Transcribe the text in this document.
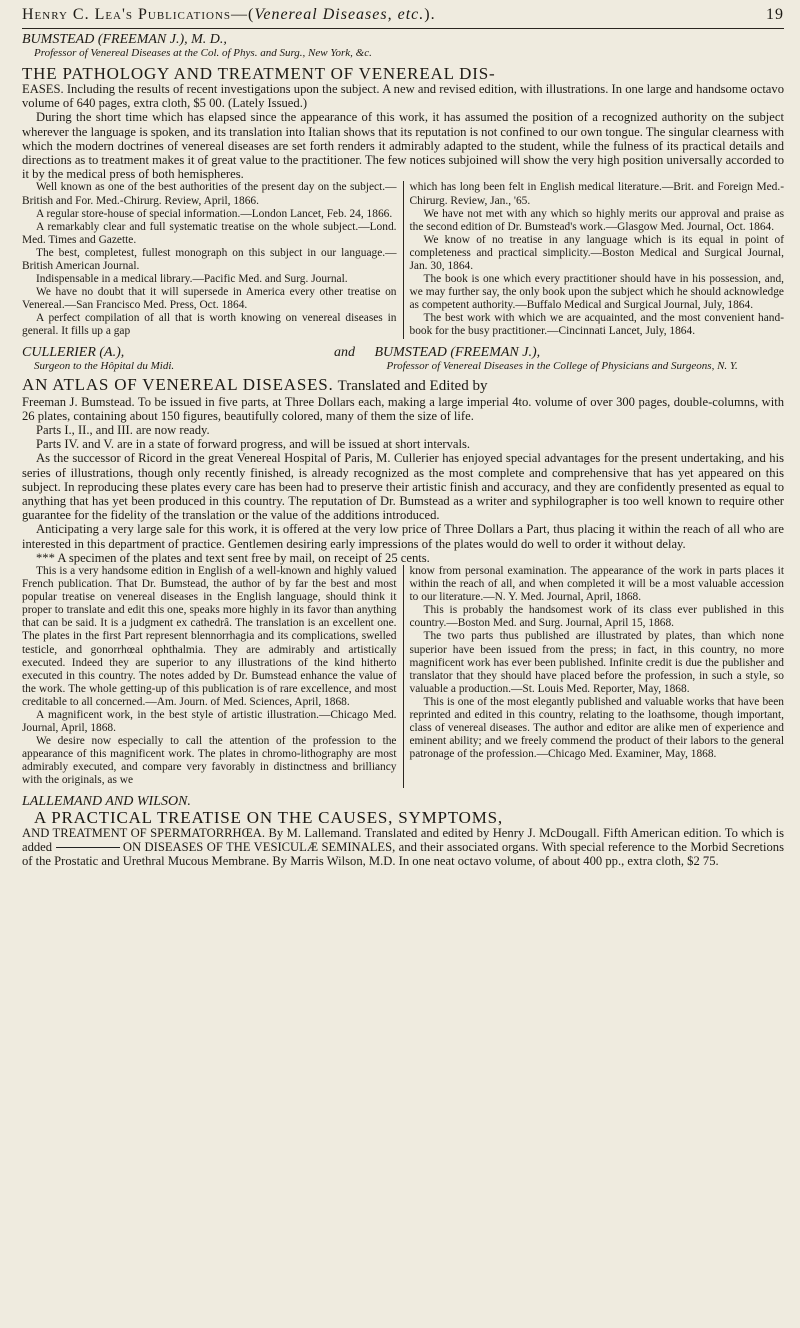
Henry C. Lea's Publications—(Venereal Diseases, etc.).	19

BUMSTEAD (FREEMAN J.), M. D.,

Professor of Venereal Diseases at the Col. of Phys. and Surg., New York, &c.

THE PATHOLOGY AND TREATMENT OF VENEREAL DIS-

EASES. Including the results of recent investigations upon the subject. A new and revised edition, with illustrations. In one large and handsome octavo volume of 640 pages, extra cloth, $5 00. (Lately Issued.)

During the short time which has elapsed since the appearance of this work, it has assumed the position of a recognized authority on the subject wherever the language is spoken, and its translation into Italian shows that its reputation is not confined to our own tongue. The singular clearness with which the modern doctrines of venereal diseases are set forth renders it admirably adapted to the student, while the fulness of its practical details and directions as to treatment makes it of great value to the practitioner. The few notices subjoined will show the very high position universally accorded to it by the medical press of both hemispheres.

Well known as one of the best authorities of the present day on the subject.—British and For. Med.-Chirurg. Review, April, 1866.

A regular store-house of special information.—London Lancet, Feb. 24, 1866.

A remarkably clear and full systematic treatise on the whole subject.—Lond. Med. Times and Gazette.

The best, completest, fullest monograph on this subject in our language.—British American Journal.

Indispensable in a medical library.—Pacific Med. and Surg. Journal.

We have no doubt that it will supersede in America every other treatise on Venereal.—San Francisco Med. Press, Oct. 1864.

A perfect compilation of all that is worth knowing on venereal diseases in general. It fills up a gap

which has long been felt in English medical literature.—Brit. and Foreign Med.-Chirurg. Review, Jan., '65.

We have not met with any which so highly merits our approval and praise as the second edition of Dr. Bumstead's work.—Glasgow Med. Journal, Oct. 1864.

We know of no treatise in any language which is its equal in point of completeness and practical simplicity.—Boston Medical and Surgical Journal, Jan. 30, 1864.

The book is one which every practitioner should have in his possession, and, we may further say, the only book upon the subject which he should acknowledge as competent authority.—Buffalo Medical and Surgical Journal, July, 1864.

The best work with which we are acquainted, and the most convenient hand-book for the busy practitioner.—Cincinnati Lancet, July, 1864.

CULLERIER (A.),

Surgeon to the Hôpital du Midi.

and	BUMSTEAD (FREEMAN J.),

Professor of Venereal Diseases in the College of Physicians and Surgeons, N. Y.

AN ATLAS OF VENEREAL DISEASES. Translated and Edited by

Freeman J. Bumstead. To be issued in five parts, at Three Dollars each, making a large imperial 4to. volume of over 300 pages, double-columns, with 26 plates, containing about 150 figures, beautifully colored, many of them the size of life.

Parts I., II., and III. are now ready.

Parts IV. and V. are in a state of forward progress, and will be issued at short intervals.

As the successor of Ricord in the great Venereal Hospital of Paris, M. Cullerier has enjoyed special advantages for the present undertaking, and his series of illustrations, though only recently finished, is already recognized as the most complete and comprehensive that has yet appeared on this subject. In reproducing these plates every care has been had to preserve their artistic finish and accuracy, and they are confidently presented as equal to anything that has yet been produced in this country. The reputation of Dr. Bumstead as a writer and syphilographer is too well known to require other guarantee for the fidelity of the translation or the value of the additions introduced.

Anticipating a very large sale for this work, it is offered at the very low price of Three Dollars a Part, thus placing it within the reach of all who are interested in this department of practice. Gentlemen desiring early impressions of the plates would do well to order it without delay.

*** A specimen of the plates and text sent free by mail, on receipt of 25 cents.

This is a very handsome edition in English of a well-known and highly valued French publication. That Dr. Bumstead, the author of by far the best and most popular treatise on venereal diseases in the English language, should think it proper to translate and edit this one, speaks more highly in its favor than anything that can be said. It is a judgment ex cathedrâ. The translation is an excellent one. The plates in the first Part represent blennorrhagia and its complications, swelled testicle, and gonorrhœal ophthalmia. They are admirably and artistically executed. Indeed they are superior to any illustrations of the kind hitherto executed in this country. The notes added by Dr. Bumstead enhance the value of the work. The whole getting-up of this publication is of rare excellence, and most creditable to all concerned.—Am. Journ. of Med. Sciences, April, 1868.

A magnificent work, in the best style of artistic illustration.—Chicago Med. Journal, April, 1868.

We desire now especially to call the attention of the profession to the appearance of this magnificent work. The plates in chromo-lithography are most admirably executed, and compare very favorably in distinctness and brilliancy with the originals, as we

know from personal examination. The appearance of the work in parts places it within the reach of all, and when completed it will be a most valuable accession to our literature.—N. Y. Med. Journal, April, 1868.

This is probably the handsomest work of its class ever published in this country.—Boston Med. and Surg. Journal, April 15, 1868.

The two parts thus published are illustrated by plates, than which none superior have been issued from the press; in fact, in this country, no more magnificent work has ever been published. Infinite credit is due the publisher and translator that they should have placed before the profession, in such a style, so valuable a production.—St. Louis Med. Reporter, May, 1868.

This is one of the most elegantly published and valuable works that have been reprinted and edited in this country, relating to the loathsome, though important, class of venereal diseases. The author and editor are alike men of experience and eminent ability; and we freely commend the product of their labors to the general patronage of the profession.—Chicago Med. Examiner, May, 1868.

LALLEMAND AND WILSON.

A PRACTICAL TREATISE ON THE CAUSES, SYMPTOMS,

AND TREATMENT OF SPERMATORRHŒA. By M. Lallemand. Translated and edited by Henry J. McDougall. Fifth American edition. To which is added	ON DISEASES OF THE VESICULÆ SEMINALES, and their associated organs. With special reference to the Morbid Secretions of the Prostatic and Urethral Mucous Membrane. By Marris Wilson, M.D. In one neat octavo volume, of about 400 pp., extra cloth, $2 75.
